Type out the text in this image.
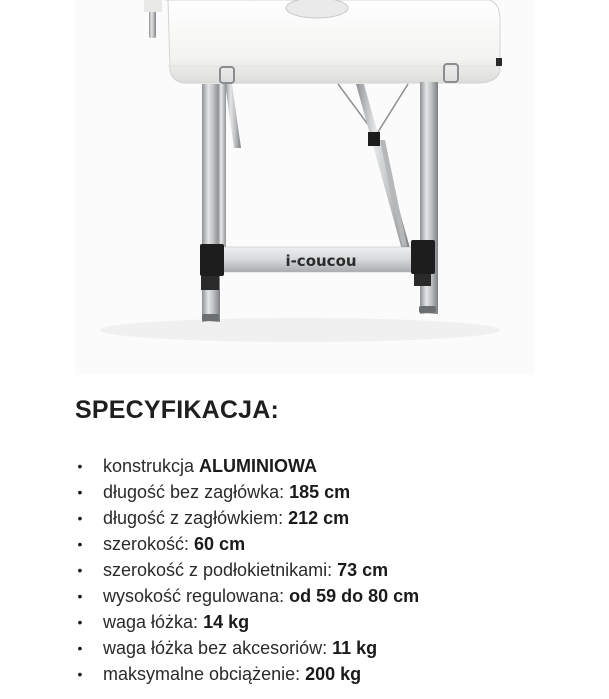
i-coucou
SPECYFIKACJA:
• konstrukcja ALUMINIOWA
• długość bez zagłówka: 185 cm
• długość z zagłówkiem: 212 cm
• szerokość: 60 cm
• szerokość z podłokietnikami: 73 cm
• wysokość regulowana: od 59 do 80 cm
• waga łóżka: 14 kg
• waga łóżka bez akcesoriów: 11 kg
• maksymalne obciążenie: 200 kg
